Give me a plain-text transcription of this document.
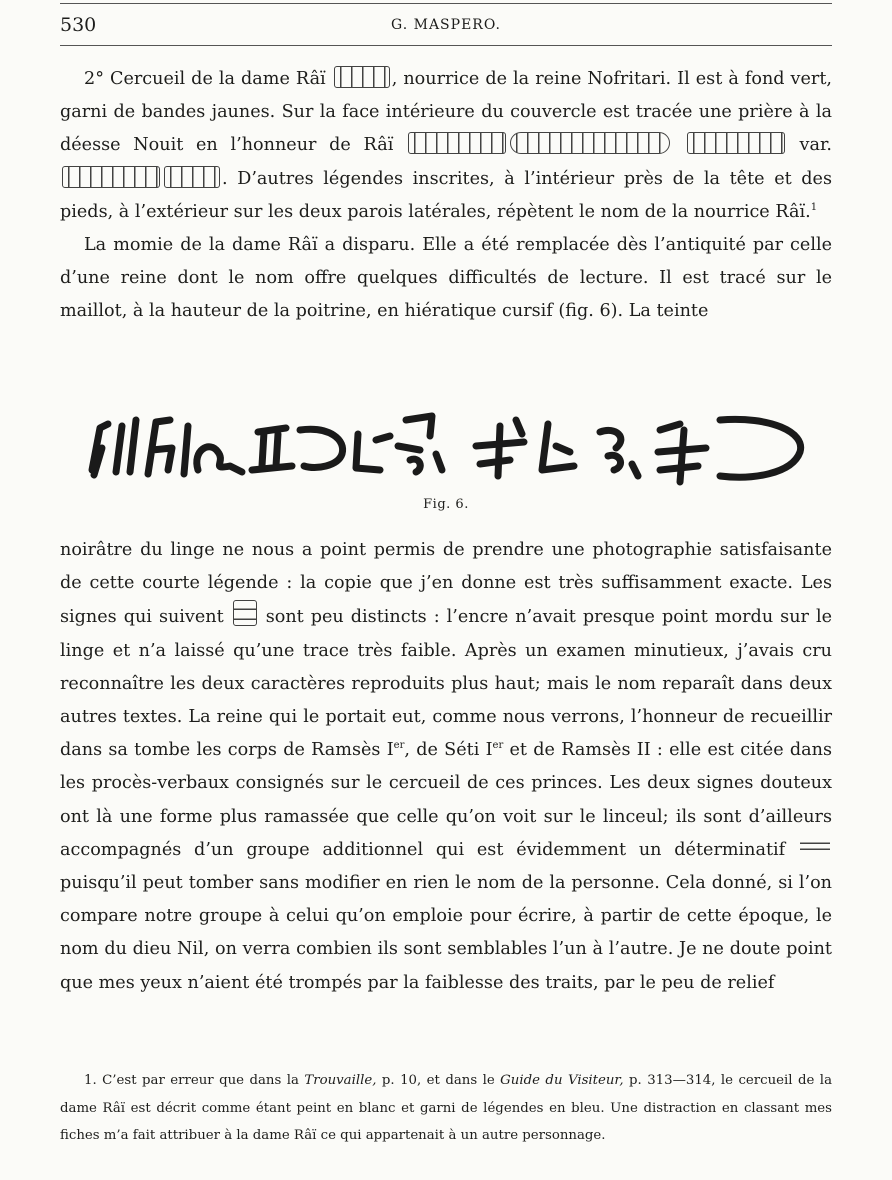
530	G. MASPERO.

2° Cercueil de la dame Râï	, nourrice de la reine Nofritari. Il est à fond vert, garni de bandes jaunes. Sur la face intérieure du couvercle est tracée une prière à la déesse Nouit en l’honneur de Râï	var. . D’autres légendes inscrites, à l’intérieur près de la tête et des pieds, à l’extérieur sur les deux parois latérales, répètent le nom de la nourrice Râï.$^1$

La momie de la dame Râï a disparu. Elle a été remplacée dès l’antiquité par celle d’une reine dont le nom offre quelques difficultés de lecture. Il est tracé sur le maillot, à la hauteur de la poitrine, en hiératique cursif (fig. 6). La teinte

Fig. 6.

noirâtre du linge ne nous a point permis de prendre une photographie satisfaisante de cette courte légende : la copie que j’en donne est très suffisamment exacte. Les signes qui suivent sont peu distincts : l’encre n’avait presque point mordu sur le linge et n’a laissé qu’une trace très faible. Après un examen minutieux, j’avais cru reconnaître les deux caractères reproduits plus haut; mais le nom reparaît dans deux autres textes. La reine qui le portait eut, comme nous verrons, l’honneur de recueillir dans sa tombe les corps de Ramsès Ier, de Séti Ier et de Ramsès II : elle est citée dans les procès-verbaux consignés sur le cercueil de ces princes. Les deux signes douteux ont là une forme plus ramassée que celle qu’on voit sur le linceul; ils sont d’ailleurs accompagnés d’un groupe additionnel qui est évidemment un déterminatif  puisqu’il peut tomber sans modifier en rien le nom de la personne. Cela donné, si l’on compare notre groupe à celui qu’on emploie pour écrire, à partir de cette époque, le nom du dieu Nil, on verra combien ils sont semblables l’un à l’autre. Je ne doute point que mes yeux n’aient été trompés par la faiblesse des traits, par le peu de relief

1. C’est par erreur que dans la Trouvaille, p. 10, et dans le Guide du Visiteur, p. 313—314, le cercueil de la dame Râï est décrit comme étant peint en blanc et garni de légendes en bleu. Une distraction en classant mes fiches m’a fait attribuer à la dame Râï ce qui appartenait à un autre personnage.
